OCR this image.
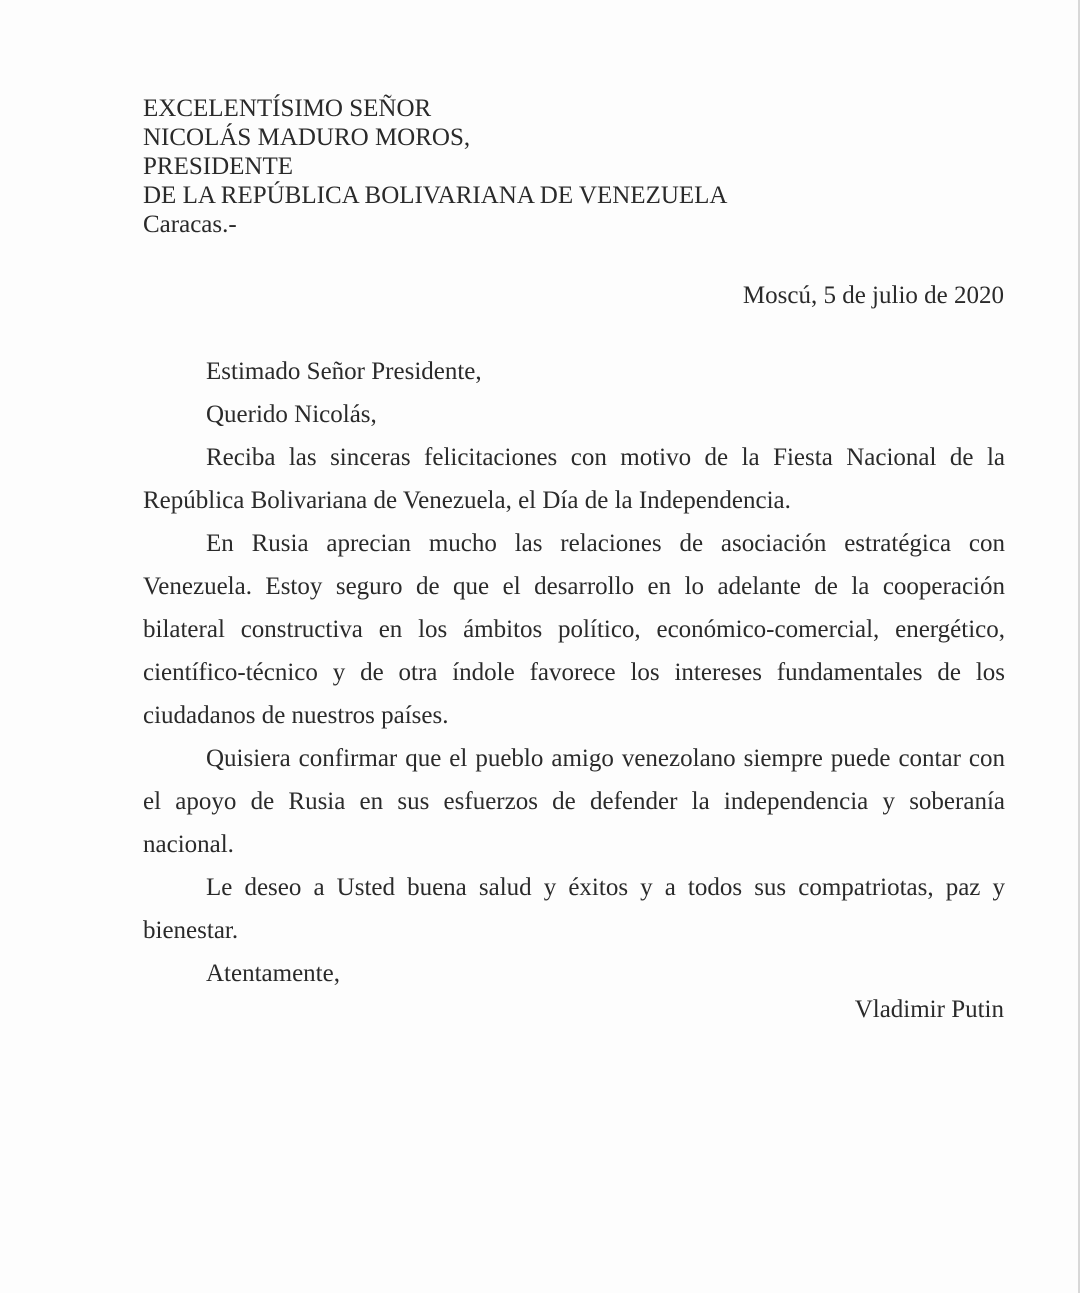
EXCELENTÍSIMO SEÑOR
NICOLÁS MADURO MOROS,
PRESIDENTE
DE LA REPÚBLICA BOLIVARIANA DE VENEZUELA
Caracas.-
Moscú, 5 de julio de 2020

Estimado Señor Presidente,

Querido Nicolás,

Reciba las sinceras felicitaciones con motivo de la Fiesta Nacional de la República Bolivariana de Venezuela, el Día de la Independencia.

En Rusia aprecian mucho las relaciones de asociación estratégica con Venezuela. Estoy seguro de que el desarrollo en lo adelante de la cooperación bilateral constructiva en los ámbitos político, económico-comercial, energético, científico-técnico y de otra índole favorece los intereses fundamentales de los ciudadanos de nuestros países.

Quisiera confirmar que el pueblo amigo venezolano siempre puede contar con el apoyo de Rusia en sus esfuerzos de defender la independencia y soberanía nacional.

Le deseo a Usted buena salud y éxitos y a todos sus compatriotas, paz y bienestar.

Atentamente,

Vladimir Putin
